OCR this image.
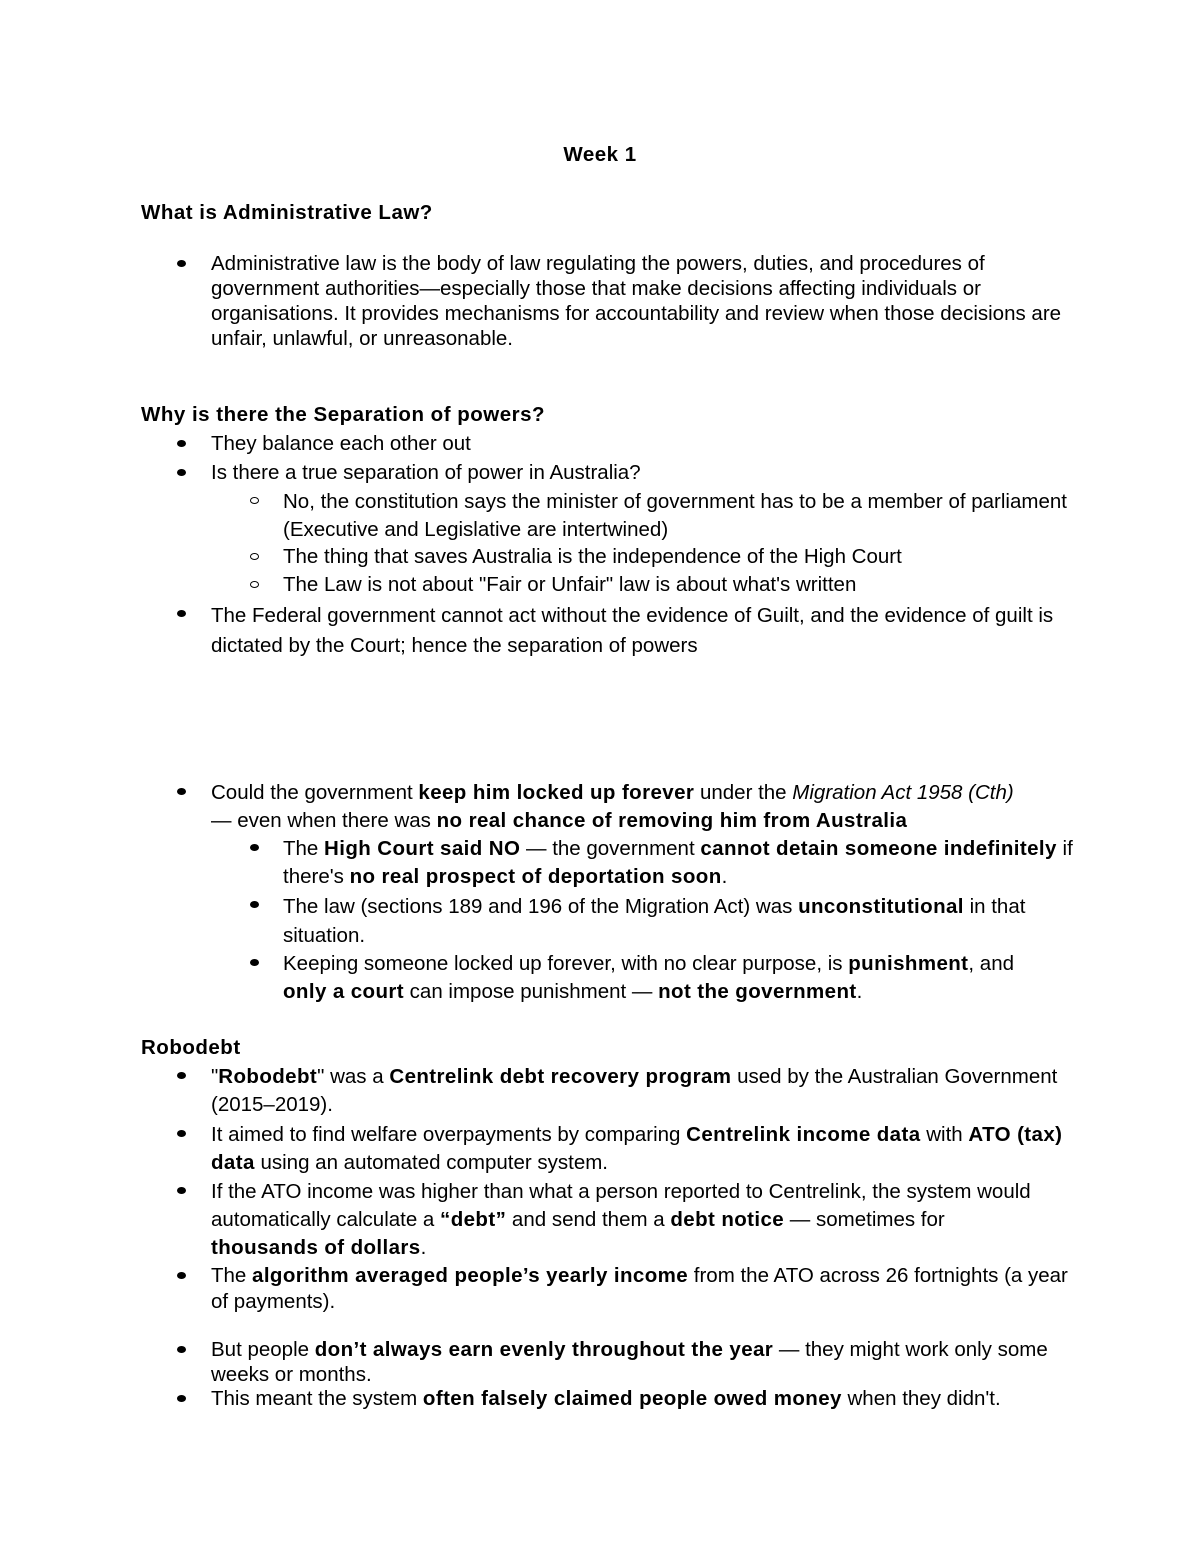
Week 1
What is Administrative Law?
Administrative law is the body of law regulating the powers, duties, and procedures of government authorities—especially those that make decisions affecting individuals or organisations. It provides mechanisms for accountability and review when those decisions are unfair, unlawful, or unreasonable.
Why is there the Separation of powers?
They balance each other out
Is there a true separation of power in Australia?
No, the constitution says the minister of government has to be a member of parliament (Executive and Legislative are intertwined)
The thing that saves Australia is the independence of the High Court
The Law is not about "Fair or Unfair" law is about what's written
The Federal government cannot act without the evidence of Guilt, and the evidence of guilt is dictated by the Court; hence the separation of powers
Could the government keep him locked up forever under the Migration Act 1958 (Cth)
— even when there was no real chance of removing him from Australia
The High Court said NO — the government cannot detain someone indefinitely if there's no real prospect of deportation soon.
The law (sections 189 and 196 of the Migration Act) was unconstitutional in that situation.
Keeping someone locked up forever, with no clear purpose, is punishment, and
only a court can impose punishment — not the government.
Robodebt
"Robodebt" was a Centrelink debt recovery program used by the Australian Government (2015–2019).
It aimed to find welfare overpayments by comparing Centrelink income data with ATO (tax) data using an automated computer system.
If the ATO income was higher than what a person reported to Centrelink, the system would automatically calculate a “debt” and send them a debt notice — sometimes for
thousands of dollars.
The algorithm averaged people’s yearly income from the ATO across 26 fortnights (a year of payments).
But people don’t always earn evenly throughout the year — they might work only some weeks or months.
This meant the system often falsely claimed people owed money when they didn't.
